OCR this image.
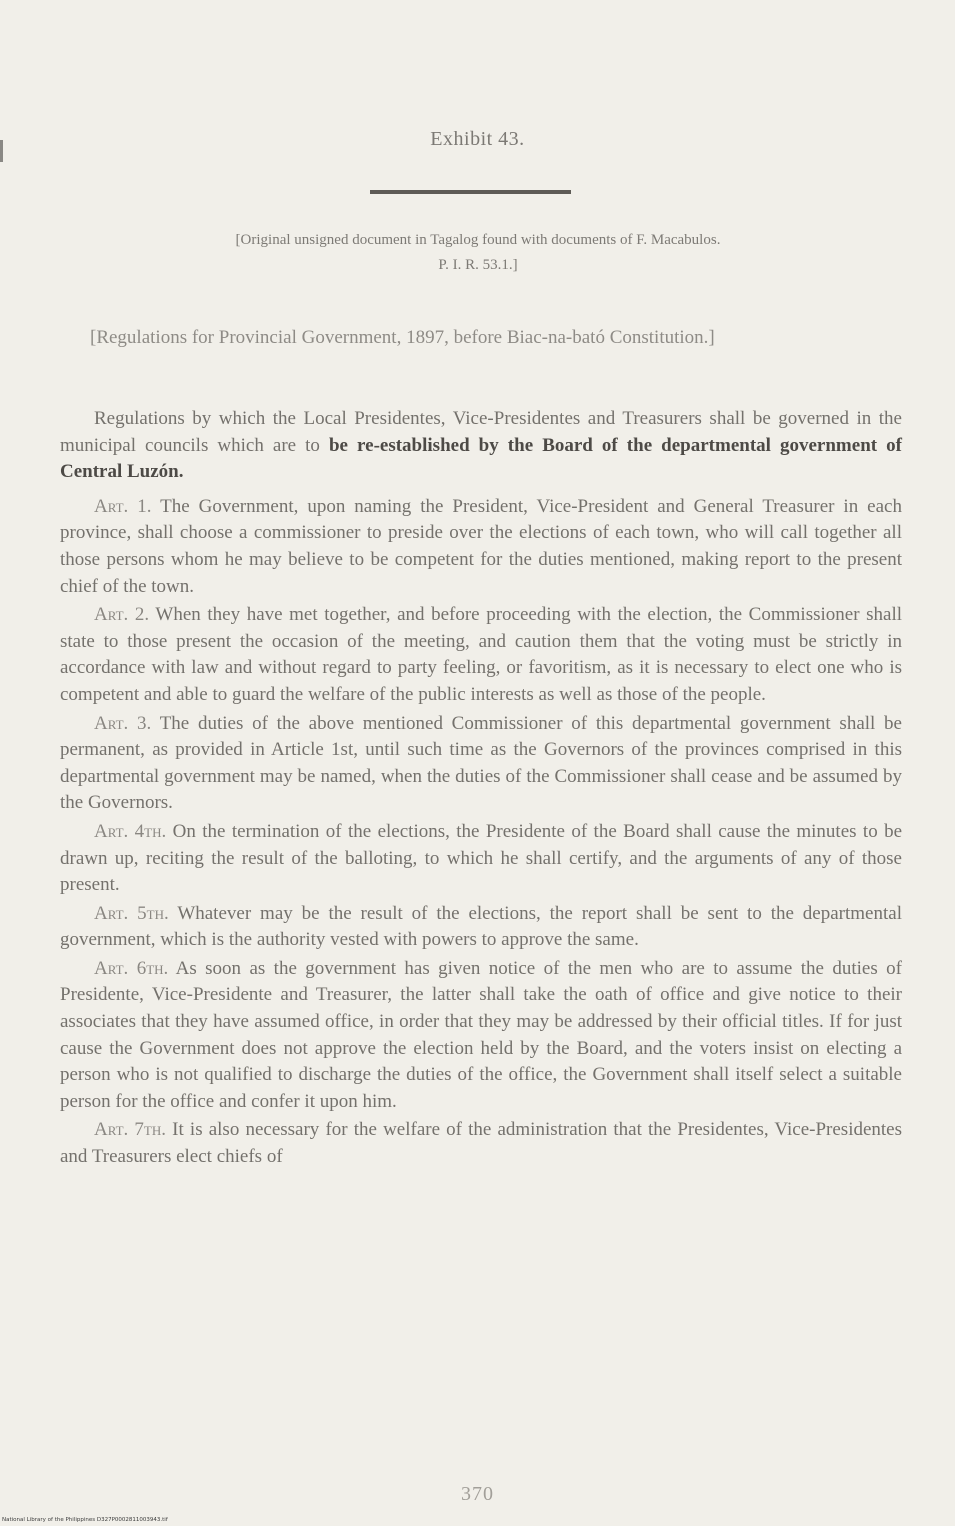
Exhibit 43.
[Original unsigned document in Tagalog found with documents of F. Macabulos.
P. I. R. 53.1.]
[Regulations for Provincial Government, 1897, before Biac-na-bató Constitution.]

Regulations by which the Local Presidentes, Vice-Presidentes and Treasurers shall be governed in the municipal councils which are to be re-established by the Board of the departmental government of Central Luzón.

Art. 1. The Government, upon naming the President, Vice-President and General Treasurer in each province, shall choose a commissioner to preside over the elections of each town, who will call together all those persons whom he may believe to be competent for the duties mentioned, making report to the present chief of the town.

Art. 2. When they have met together, and before proceeding with the election, the Commissioner shall state to those present the occasion of the meeting, and caution them that the voting must be strictly in accordance with law and without regard to party feeling, or favoritism, as it is necessary to elect one who is competent and able to guard the welfare of the public interests as well as those of the people.

Art. 3. The duties of the above mentioned Commissioner of this departmental government shall be permanent, as provided in Article 1st, until such time as the Governors of the provinces comprised in this departmental government may be named, when the duties of the Commissioner shall cease and be assumed by the Governors.

Art. 4th. On the termination of the elections, the Presidente of the Board shall cause the minutes to be drawn up, reciting the result of the balloting, to which he shall certify, and the arguments of any of those present.

Art. 5th. Whatever may be the result of the elections, the report shall be sent to the departmental government, which is the authority vested with powers to approve the same.

Art. 6th. As soon as the government has given notice of the men who are to assume the duties of Presidente, Vice-Presidente and Treasurer, the latter shall take the oath of office and give notice to their associates that they have assumed office, in order that they may be addressed by their official titles. If for just cause the Government does not approve the election held by the Board, and the voters insist on electing a person who is not qualified to discharge the duties of the office, the Government shall itself select a suitable person for the office and confer it upon him.

Art. 7th. It is also necessary for the welfare of the administration that the Presidentes, Vice-Presidentes and Treasurers elect chiefs of

370
National Library of the Philippines D327P0002811003943.tif
